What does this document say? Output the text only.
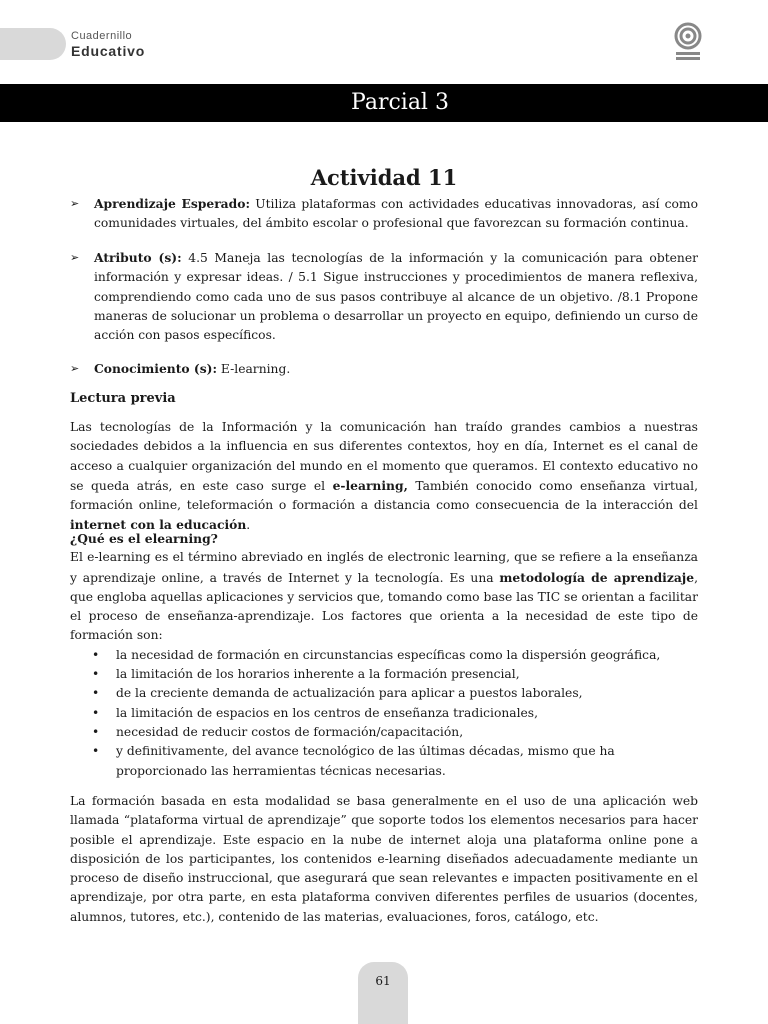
Cuadernillo
Educativo
Parcial 3
Actividad 11
➢ Aprendizaje Esperado: Utiliza plataformas con actividades educativas innovadoras, así como comunidades virtuales, del ámbito escolar o profesional que favorezcan su formación continua.
➢ Atributo (s): 4.5 Maneja las tecnologías de la información y la comunicación para obtener información y expresar ideas. / 5.1 Sigue instrucciones y procedimientos de manera reflexiva, comprendiendo como cada uno de sus pasos contribuye al alcance de un objetivo. /8.1 Propone maneras de solucionar un problema o desarrollar un proyecto en equipo, definiendo un curso de acción con pasos específicos.
➢ Conocimiento (s): E-learning.
Lectura previa

Las tecnologías de la Información y la comunicación han traído grandes cambios a nuestras sociedades debidos a la influencia en sus diferentes contextos, hoy en día, Internet es el canal de acceso a cualquier organización del mundo en el momento que queramos. El contexto educativo no se queda atrás, en este caso surge el e-learning, También conocido como enseñanza virtual, formación online, teleformación o formación a distancia como consecuencia de la interacción del internet con la educación.

¿Qué es el elearning?

El e-learning es el término abreviado en inglés de electronic learning, que se refiere a la enseñanza y aprendizaje online, a través de Internet y la tecnología. Es una metodología de aprendizaje, que engloba aquellas aplicaciones y servicios que, tomando como base las TIC se orientan a facilitar el proceso de enseñanza-aprendizaje. Los factores que orienta a la necesidad de este tipo de formación son:

• la necesidad de formación en circunstancias específicas como la dispersión geográfica,
• la limitación de los horarios inherente a la formación presencial,
• de la creciente demanda de actualización para aplicar a puestos laborales,
• la limitación de espacios en los centros de enseñanza tradicionales,
• necesidad de reducir costos de formación/capacitación,
• y definitivamente, del avance tecnológico de las últimas décadas, mismo que ha proporcionado las herramientas técnicas necesarias.

La formación basada en esta modalidad se basa generalmente en el uso de una aplicación web llamada “plataforma virtual de aprendizaje” que soporte todos los elementos necesarios para hacer posible el aprendizaje. Este espacio en la nube de internet aloja una plataforma online pone a disposición de los participantes, los contenidos e-learning diseñados adecuadamente mediante un proceso de diseño instruccional, que asegurará que sean relevantes e impacten positivamente en el aprendizaje, por otra parte, en esta plataforma conviven diferentes perfiles de usuarios (docentes, alumnos, tutores, etc.), contenido de las materias, evaluaciones, foros, catálogo, etc.

61
